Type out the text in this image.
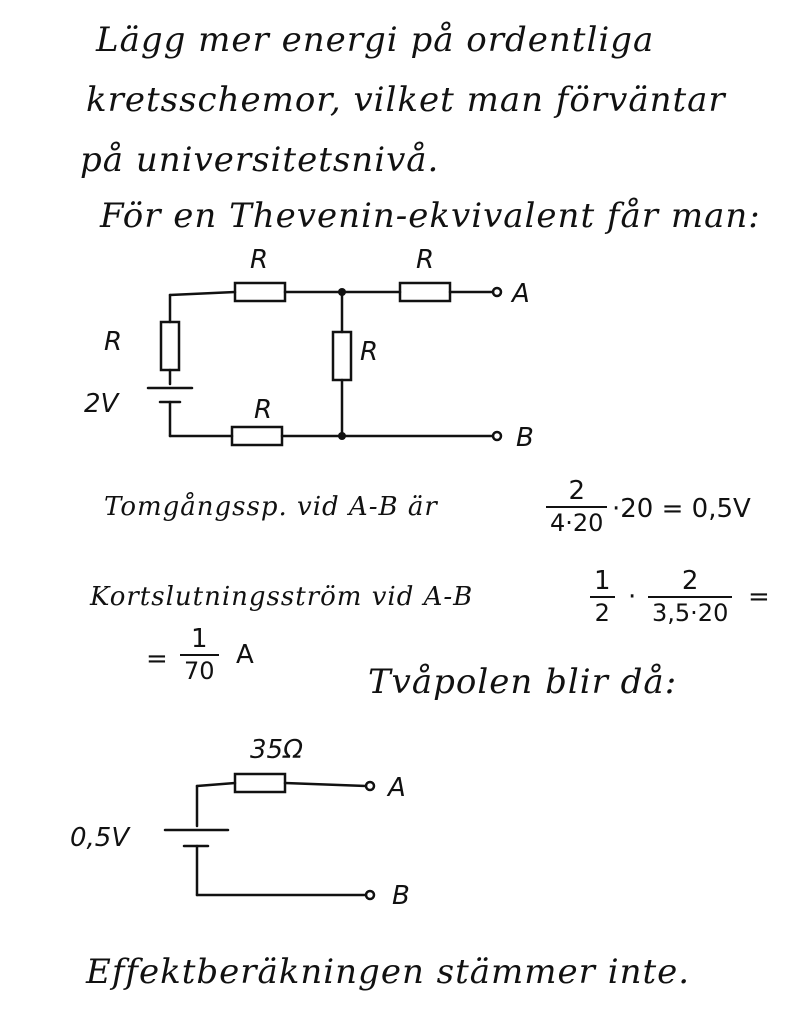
Lägg mer energi på ordentliga
kretsschemor, vilket man förväntar
på universitetsnivå.
För en Thevenin-ekvivalent får man:
R	R
R	R
R
2V
A
B
35Ω
0,5V
A
B
Tomgångssp. vid A-B är
2
4·20 ·20 = 0,5V
Kortslutningsström vid A-B
1
2
·
2
3,5·20
=
=
1
70
A
Tvåpolen blir då:
Effektberäkningen stämmer inte.
